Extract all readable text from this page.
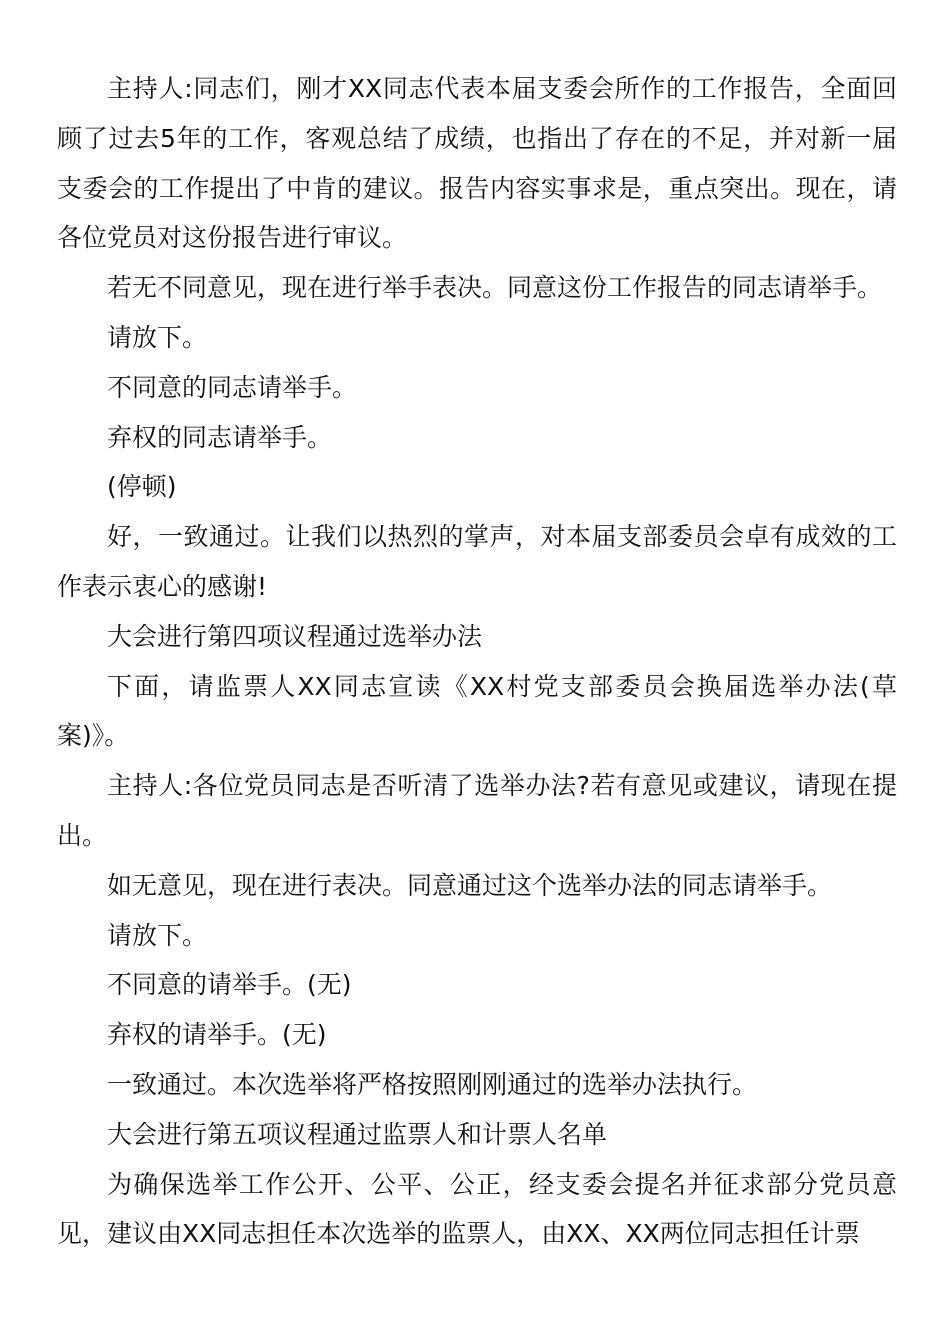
主持人:同志们，刚才XX同志代表本届支委会所作的工作报告，全面回顾了过去5年的工作，客观总结了成绩，也指出了存在的不足，并对新一届支委会的工作提出了中肯的建议。报告内容实事求是，重点突出。现在，请各位党员对这份报告进行审议。

若无不同意见，现在进行举手表决。同意这份工作报告的同志请举手。

请放下。

不同意的同志请举手。

弃权的同志请举手。

(停顿)

好，一致通过。让我们以热烈的掌声，对本届支部委员会卓有成效的工作表示衷心的感谢!

大会进行第四项议程通过选举办法

下面，请监票人XX同志宣读《XX村党支部委员会换届选举办法(草案)》。

主持人:各位党员同志是否听清了选举办法?若有意见或建议，请现在提出。

如无意见，现在进行表决。同意通过这个选举办法的同志请举手。

请放下。

不同意的请举手。(无)

弃权的请举手。(无)

一致通过。本次选举将严格按照刚刚通过的选举办法执行。

大会进行第五项议程通过监票人和计票人名单

为确保选举工作公开、公平、公正，经支委会提名并征求部分党员意见，建议由XX同志担任本次选举的监票人，由XX、XX两位同志担任计票
